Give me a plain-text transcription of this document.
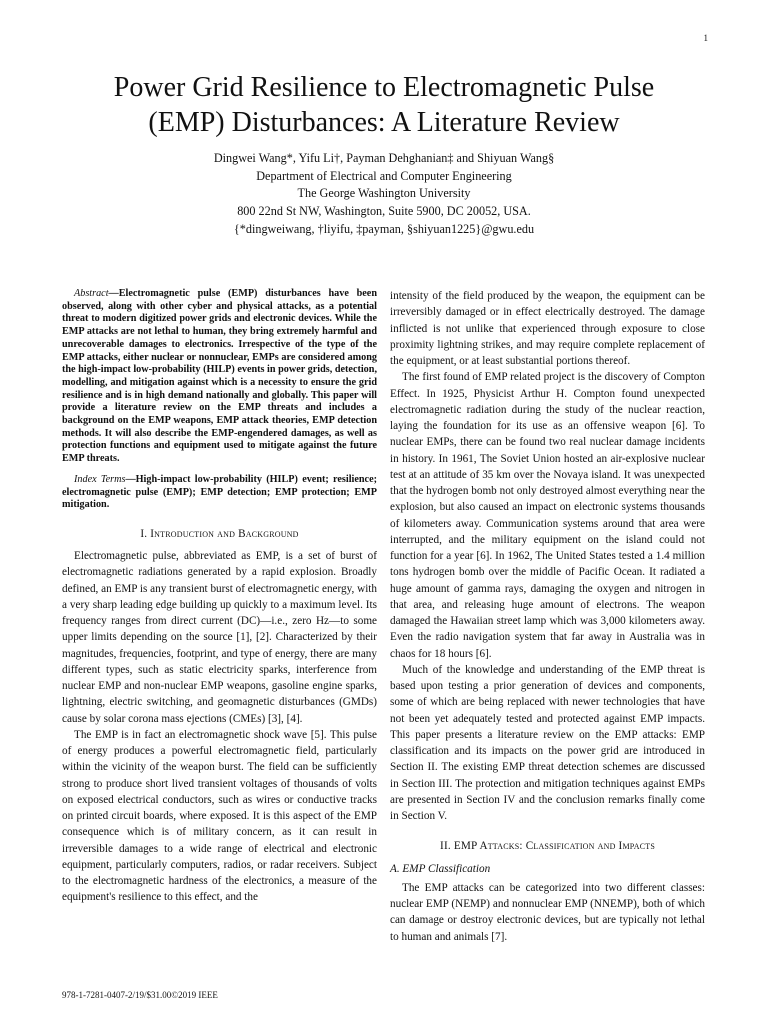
1
Power Grid Resilience to Electromagnetic Pulse
(EMP) Disturbances: A Literature Review
Dingwei Wang*, Yifu Li†, Payman Dehghanian‡ and Shiyuan Wang§
Department of Electrical and Computer Engineering
The George Washington University
800 22nd St NW, Washington, Suite 5900, DC 20052, USA.
{*dingweiwang, †liyifu, ‡payman, §shiyuan1225}@gwu.edu

Abstract—Electromagnetic pulse (EMP) disturbances have been observed, along with other cyber and physical attacks, as a potential threat to modern digitized power grids and electronic devices. While the EMP attacks are not lethal to human, they bring extremely harmful and unrecoverable damages to electronics. Irrespective of the type of the EMP attacks, either nuclear or nonnuclear, EMPs are considered among the high-impact low-probability (HILP) events in power grids, detection, modelling, and mitigation against which is a necessity to ensure the grid resilience and is in high demand nationally and globally. This paper will provide a literature review on the EMP threats and includes a background on the EMP weapons, EMP attack theories, EMP detection methods. It will also describe the EMP-engendered damages, as well as protection functions and equipment used to mitigate against the future EMP threats.

Index Terms—High-impact low-probability (HILP) event; resilience; electromagnetic pulse (EMP); EMP detection; EMP protection; EMP mitigation.

I. Introduction and Background

Electromagnetic pulse, abbreviated as EMP, is a set of burst of electromagnetic radiations generated by a rapid explosion. Broadly defined, an EMP is any transient burst of electromagnetic energy, with a very sharp leading edge building up quickly to a maximum level. Its frequency ranges from direct current (DC)—i.e., zero Hz—to some upper limits depending on the source [1], [2]. Characterized by their magnitudes, frequencies, footprint, and type of energy, there are many different types, such as static electricity sparks, interference from nuclear EMP and non-nuclear EMP weapons, gasoline engine sparks, lightning, electric switching, and geomagnetic disturbances (GMDs) cause by solar corona mass ejections (CMEs) [3], [4].

The EMP is in fact an electromagnetic shock wave [5]. This pulse of energy produces a powerful electromagnetic field, particularly within the vicinity of the weapon burst. The field can be sufficiently strong to produce short lived transient voltages of thousands of volts on exposed electrical conductors, such as wires or conductive tracks on printed circuit boards, where exposed. It is this aspect of the EMP consequence which is of military concern, as it can result in irreversible damages to a wide range of electrical and electronic equipment, particularly computers, radios, or radar receivers. Subject to the electromagnetic hardness of the electronics, a measure of the equipment's resilience to this effect, and the

intensity of the field produced by the weapon, the equipment can be irreversibly damaged or in effect electrically destroyed. The damage inflicted is not unlike that experienced through exposure to close proximity lightning strikes, and may require complete replacement of the equipment, or at least substantial portions thereof.

The first found of EMP related project is the discovery of Compton Effect. In 1925, Physicist Arthur H. Compton found unexpected electromagnetic radiation during the study of the nuclear reaction, laying the foundation for its use as an offensive weapon [6]. To nuclear EMPs, there can be found two real nuclear damage incidents in history. In 1961, The Soviet Union hosted an air-explosive nuclear test at an attitude of 35 km over the Novaya island. It was unexpected that the hydrogen bomb not only destroyed almost everything near the explosion, but also caused an impact on electronic systems thousands of kilometers away. Communication systems around that area were interrupted, and the military equipment on the island could not function for a year [6]. In 1962, The United States tested a 1.4 million tons hydrogen bomb over the middle of Pacific Ocean. It radiated a huge amount of gamma rays, damaging the oxygen and nitrogen in that area, and releasing huge amount of electrons. The weapon damaged the Hawaiian street lamp which was 3,000 kilometers away. Even the radio navigation system that far away in Australia was in chaos for 18 hours [6].

Much of the knowledge and understanding of the EMP threat is based upon testing a prior generation of devices and components, some of which are being replaced with newer technologies that have not been yet adequately tested and protected against EMP impacts. This paper presents a literature review on the EMP attacks: EMP classification and its impacts on the power grid are introduced in Section II. The existing EMP threat detection schemes are discussed in Section III. The protection and mitigation techniques against EMPs are presented in Section IV and the conclusion remarks finally come in Section V.

II. EMP Attacks: Classification and Impacts
A. EMP Classification

The EMP attacks can be categorized into two different classes: nuclear EMP (NEMP) and nonnuclear EMP (NNEMP), both of which can damage or destroy electronic devices, but are typically not lethal to human and animals [7].

978-1-7281-0407-2/19/$31.00©2019 IEEE
